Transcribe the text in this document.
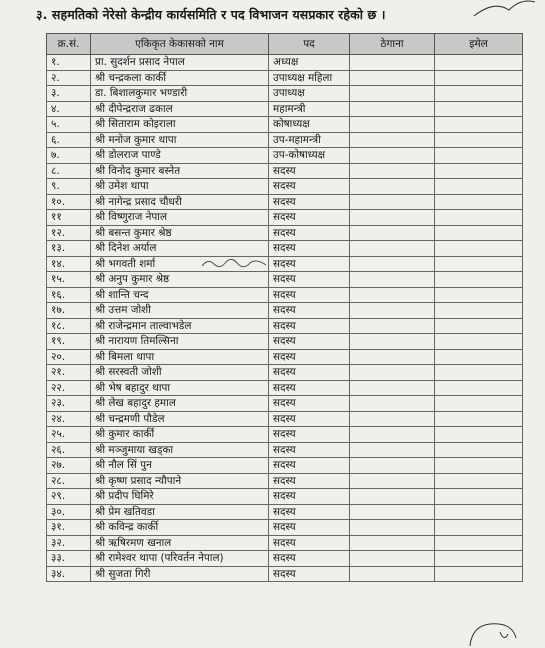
३. सहमतिको नेरेसो केन्द्रीय कार्यसमिति र पद विभाजन यसप्रकार रहेको छ ।
क्र.सं.	एकिकृत केकासको नाम	पद	ठेगाना	इमेल
१.	प्रा. सुदर्शन प्रसाद नेपाल	अध्यक्ष		
२.	श्री चन्द्रकला कार्की	उपाध्यक्ष महिला		
३.	डा. बिशालकुमार भण्डारी	उपाध्यक्ष		
४.	श्री दीपेन्द्रराज ढकाल	महामन्त्री		
५.	श्री सिताराम कोइराला	कोषाध्यक्ष		
६.	श्री मनोज कुमार थापा	उप-महामन्त्री		
७.	श्री डोलराज पाण्डे	उप-कोषाध्यक्ष		
८.	श्री विनोद कुमार बस्नेत	सदस्य		
९.	श्री उमेश थापा	सदस्य		
१०.	श्री नागेन्द्र प्रसाद चौधरी	सदस्य		
११	श्री विष्णुराज नेपाल	सदस्य		
१२.	श्री बसन्त कुमार श्रेष्ठ	सदस्य		
१३.	श्री दिनेश अर्याल	सदस्य		
१४.	श्री भगवती शर्मा	सदस्य		
१५.	श्री अनुप कुमार श्रेष्ठ	सदस्य		
१६.	श्री शान्ति चन्द	सदस्य		
१७.	श्री उत्तम जोशी	सदस्य		
१८.	श्री राजेन्द्रमान ताल्वाभडेल	सदस्य		
१९.	श्री नारायण तिमल्सिना	सदस्य		
२०.	श्री बिमला थापा	सदस्य		
२१.	श्री सरस्वती जोशी	सदस्य		
२२.	श्री भेष बहादुर थापा	सदस्य		
२३.	श्री लेख बहादुर हमाल	सदस्य		
२४.	श्री चन्द्रमणी पौडेल	सदस्य		
२५.	श्री कुमार कार्की	सदस्य		
२६.	श्री मञ्जुमाया खड्का	सदस्य		
२७.	श्री नौल सिं पुन	सदस्य		
२८.	श्री कृष्ण प्रसाद न्यौपाने	सदस्य		
२९.	श्री प्रदीप घिमिरे	सदस्य		
३०.	श्री प्रेम खतिवडा	सदस्य		
३१.	श्री कविन्द्र कार्की	सदस्य		
३२.	श्री ऋषिरमण खनाल	सदस्य		
३३.	श्री रामेश्वर थापा (परिवर्तन नेपाल)	सदस्य		
३४.	श्री सुजता गिरी	सदस्य		
